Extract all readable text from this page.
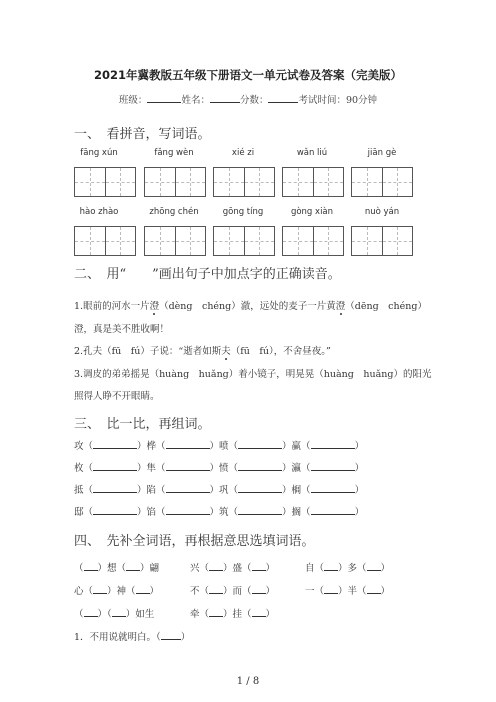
2021年冀教版五年级下册语文一单元试卷及答案（完美版）
班级：	姓名：	分数：	考试时间：90分钟
一、　看拼音，写词语。
fāng xún	fǎng wèn	xié zi	wǎn liú	jiān gè
hào zhào	zhōng chén	gōng tíng	gòng xiàn	nuò yán
二、　用“　　”画出句子中加点字的正确读音。
1.眼前的河水一片澄（dèng　chéng）澈，远处的麦子一片黄澄（dēng　chéng）
澄，真是美不胜收啊！
2.孔夫（fū　fú）子说：“逝者如斯夫（fū　fú），不舍昼夜。”
3.调皮的弟弟摇晃（huàng　huǎng）着小镜子，明晃晃（huàng　huǎng）的阳光
照得人睁不开眼睛。
三、　比一比，再组词。
攻（	）桦（	）喷（	）赢（	）
枚（	）隼（	）愤（	）瀛（	）
抵（	）陷（	）巩（	）榈（	）
邸（	）馅（	）筑（	）搁（	）
四、　先补全词语，再根据意思选填词语。
（ ）想（ ）翩	兴（ ）盛（ ）	自（ ）多（ ）
心（ ）神（ ）	不（ ）而（ ）	一（ ）半（ ）
（ ）（ ）如生	牵（ ）挂（ ）
1．不用说就明白。（ ）
1 / 8
